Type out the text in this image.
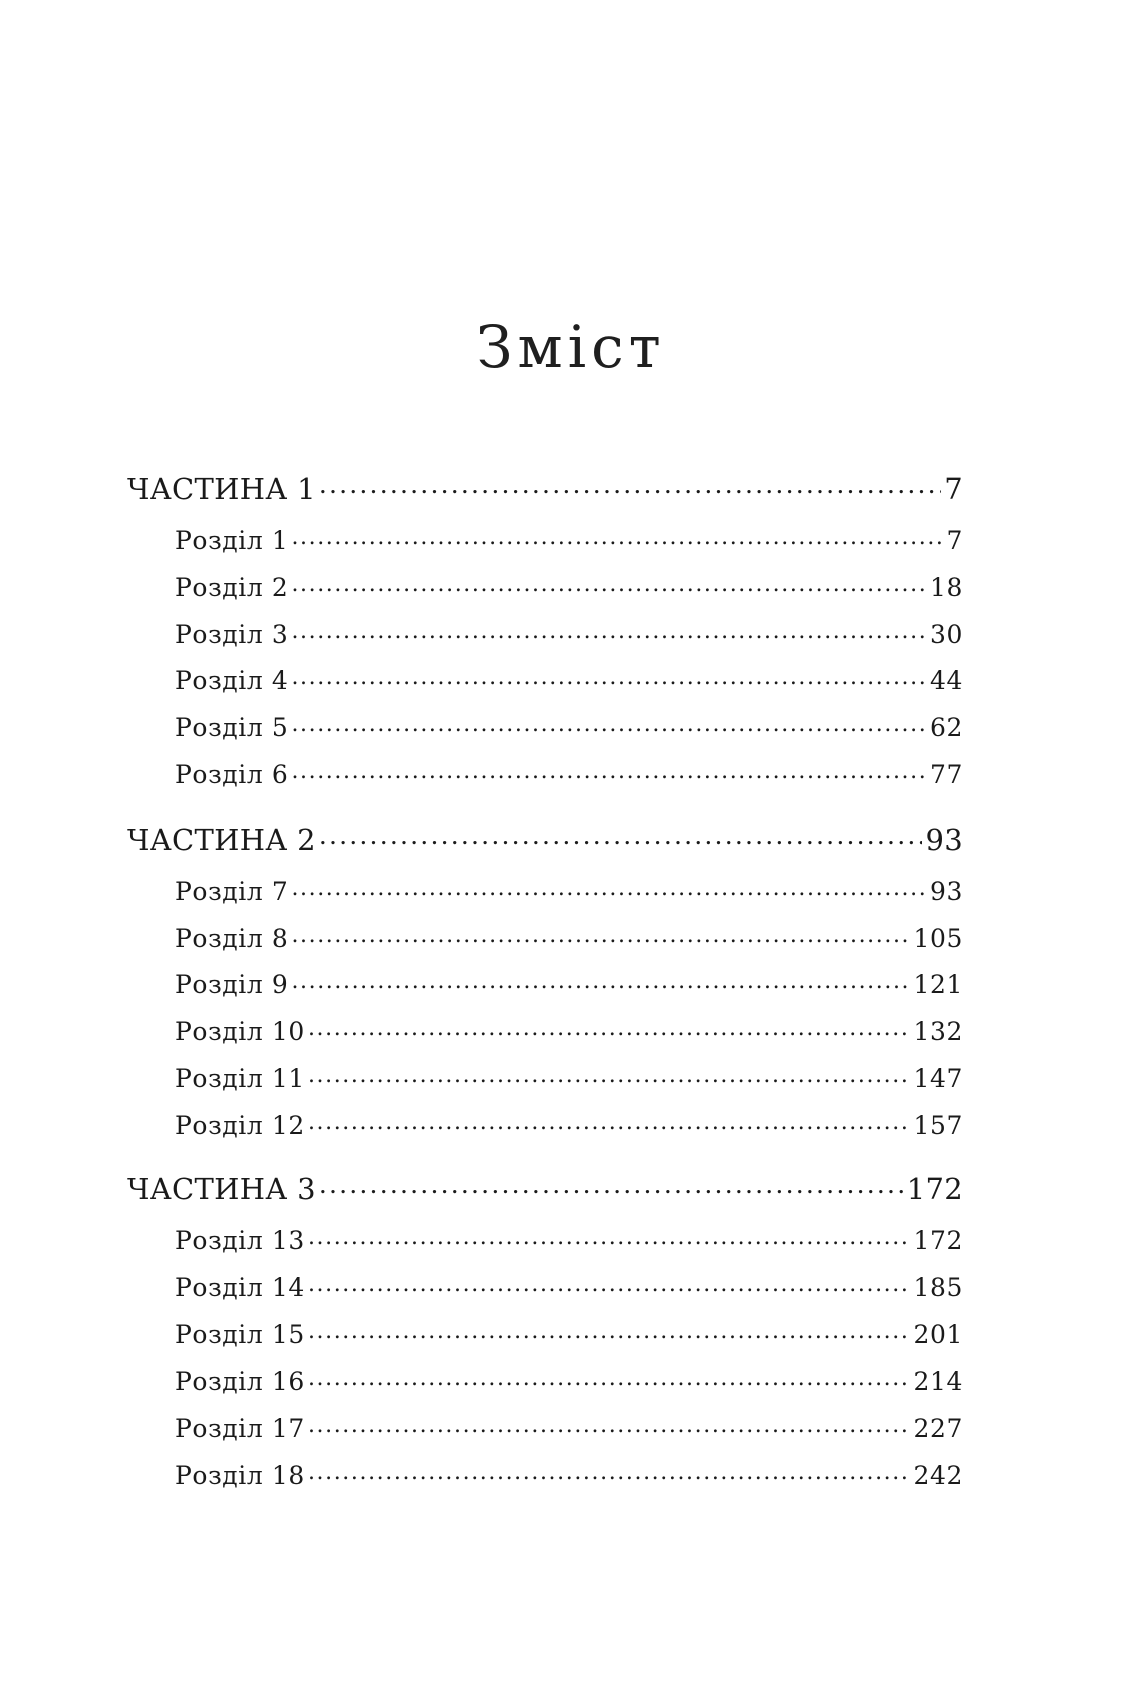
Зміст
ЧАСТИНА 1 .....	7
Розділ 1 .....	7
Розділ 2 .....	18
Розділ 3 .....	30
Розділ 4 .....	44
Розділ 5 .....	62
Розділ 6 .....	77
ЧАСТИНА 2 .....	93
Розділ 7 .....	93
Розділ 8 .....	105
Розділ 9 .....	121
Розділ 10 .....	132
Розділ 11 .....	147
Розділ 12 .....	157
ЧАСТИНА 3 .....	172
Розділ 13 .....	172
Розділ 14 .....	185
Розділ 15 .....	201
Розділ 16 .....	214
Розділ 17 .....	227
Розділ 18 .....	242
